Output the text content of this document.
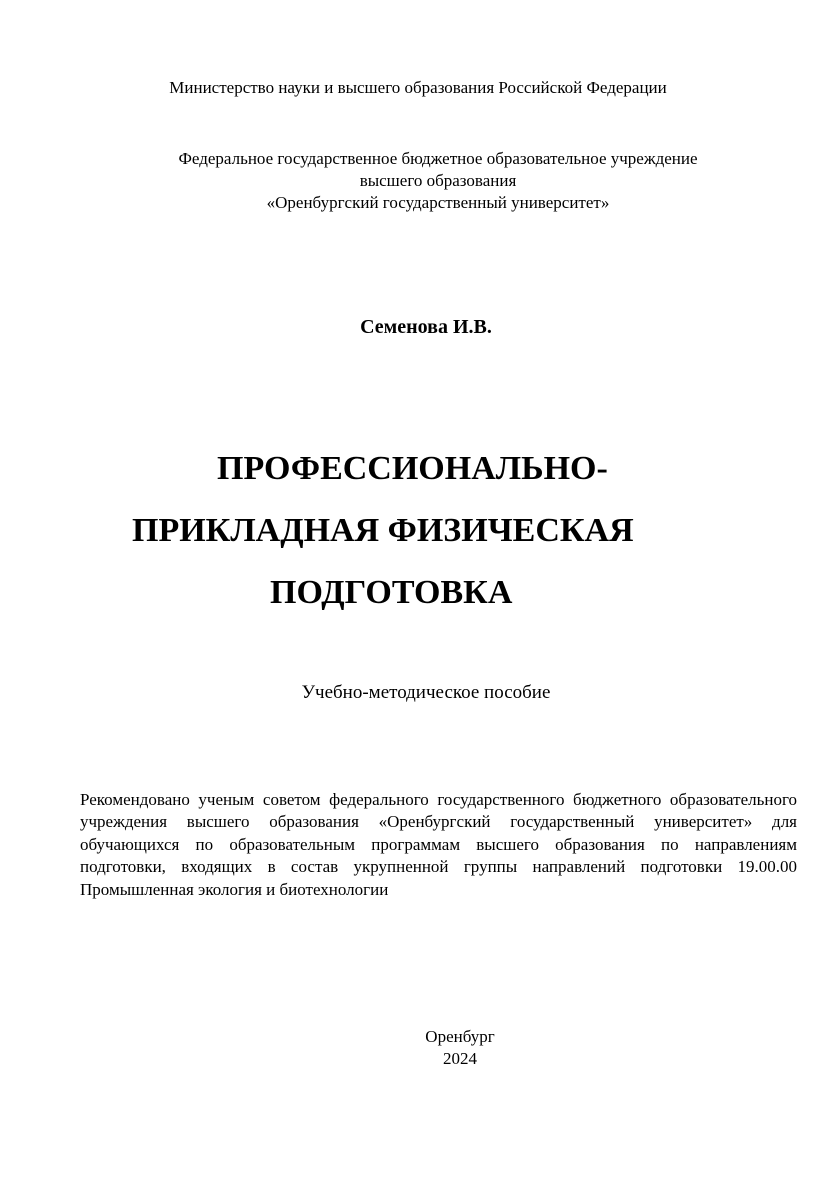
Министерство науки и высшего образования Российской Федерации
Федеральное государственное бюджетное образовательное учреждение
высшего образования
«Оренбургский государственный университет»
Семенова И.В.
ПРОФЕССИОНАЛЬНО-
ПРИКЛАДНАЯ ФИЗИЧЕСКАЯ
ПОДГОТОВКА
Учебно-методическое пособие
Рекомендовано ученым советом федерального государственного бюджетного образовательного учреждения высшего образования «Оренбургский государственный университет» для обучающихся по образовательным программам высшего образования по направлениям подготовки, входящих в состав укрупненной группы направлений подготовки 19.00.00 Промышленная экология и биотехнологии
Оренбург
2024
